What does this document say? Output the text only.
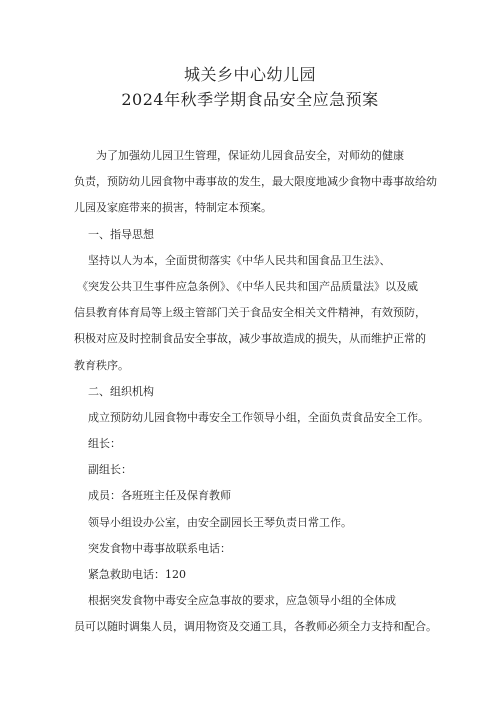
城关乡中心幼儿园
2024年秋季学期食品安全应急预案
为了加强幼儿园卫生管理，保证幼儿园食品安全，对师幼的健康
负责，预防幼儿园食物中毒事故的发生，最大限度地减少食物中毒事故给幼
儿园及家庭带来的损害，特制定本预案。
一、指导思想
坚持以人为本，全面贯彻落实《中华人民共和国食品卫生法》、
《突发公共卫生事件应急条例》、《中华人民共和国产品质量法》以及威
信县教育体育局等上级主管部门关于食品安全相关文件精神，有效预防，
积极对应及时控制食品安全事故，减少事故造成的损失，从而维护正常的
教育秩序。
二、组织机构
成立预防幼儿园食物中毒安全工作领导小组，全面负责食品安全工作。
组长：
副组长：
成员：各班班主任及保育教师
领导小组设办公室，由安全副园长王琴负责日常工作。
突发食物中毒事故联系电话：
紧急救助电话：120
根据突发食物中毒安全应急事故的要求，应急领导小组的全体成
员可以随时调集人员，调用物资及交通工具，各教师必须全力支持和配合。
